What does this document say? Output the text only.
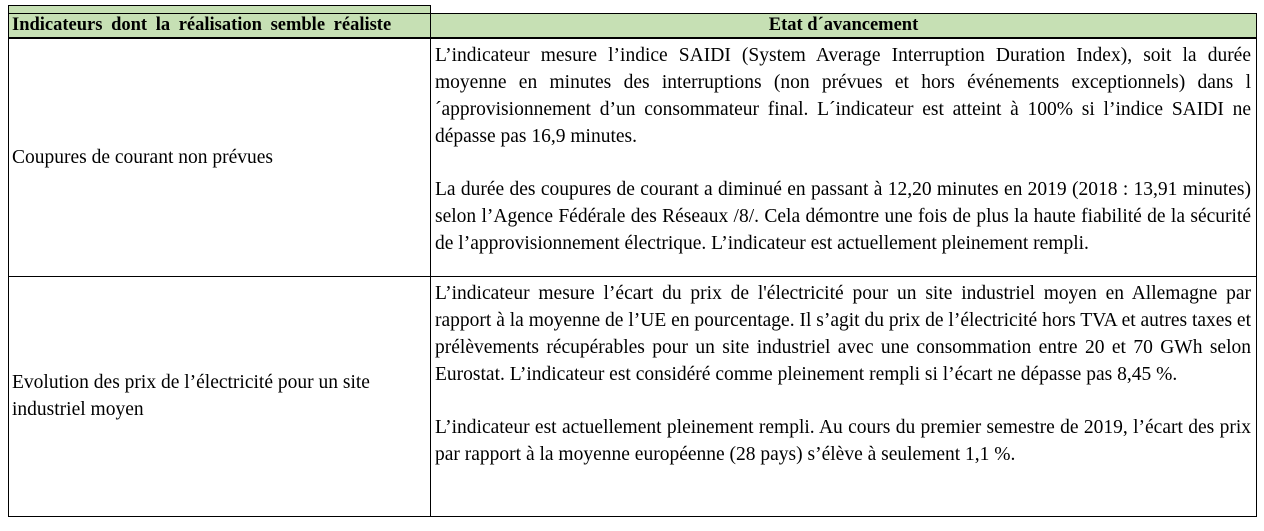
Indicateurs dont la réalisation semble réaliste	Etat d´avancement
Coupures de courant non prévues	L’indicateur mesure l’indice SAIDI (System Average Interruption Duration Index), soit la durée moyenne en minutes des interruptions (non prévues et hors événements exceptionnels) dans l´approvisionnement d’un consommateur final. L´indicateur est atteint à 100% si l’indice SAIDI ne dépasse pas 16,9 minutes.

La durée des coupures de courant a diminué en passant à 12,20 minutes en 2019 (2018 : 13,91 minutes) selon l’Agence Fédérale des Réseaux /8/. Cela démontre une fois de plus la haute fiabilité de la sécurité de l’approvisionnement électrique. L’indicateur est actuellement pleinement rempli.

Evolution des prix de l’électricité pour un site industriel moyen	L’indicateur mesure l’écart du prix de l'électricité pour un site industriel moyen en Allemagne par rapport à la moyenne de l’UE en pourcentage. Il s’agit du prix de l’électricité hors TVA et autres taxes et prélèvements récupérables pour un site industriel avec une consommation entre 20 et 70 GWh selon Eurostat. L’indicateur est considéré comme pleinement rempli si l’écart ne dépasse pas 8,45 %.

L’indicateur est actuellement pleinement rempli. Au cours du premier semestre de 2019, l’écart des prix par rapport à la moyenne européenne (28 pays) s’élève à seulement 1,1 %.
